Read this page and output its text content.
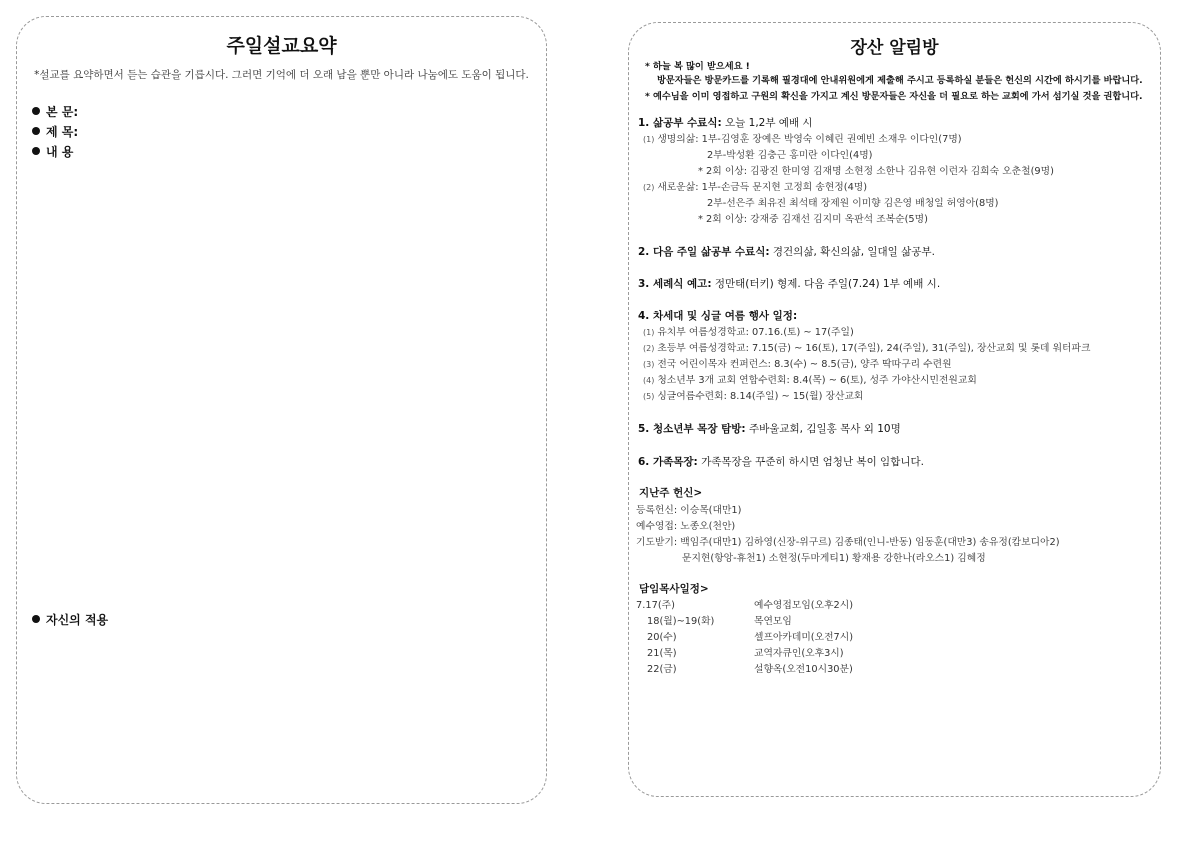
주일설교요약
*설교를 요약하면서 듣는 습관을 기릅시다. 그러면 기억에 더 오래 남을 뿐만 아니라 나눔에도 도움이 됩니다.
본 문:
제 목:
내 용
자신의 적용
장산 알림방
* 하늘 복 많이 받으세요 !
방문자들은 방문카드를 기록해 필경대에 안내위원에게 제출해 주시고 등록하실 분들은 헌신의 시간에 하시기를 바랍니다.
* 예수님을 이미 영접하고 구원의 확신을 가지고 계신 방문자들은 자신을 더 필요로 하는 교회에 가서 섬기실 것을 권합니다.
1. 삶공부 수료식: 오늘 1,2부 예배 시
(1) 생명의삶: 1부-김영훈 장예은 박영숙 이혜린 권예빈 소재우 이다인(7명)
2부-박성환 김충근 홍미란 이다인(4명)
* 2회 이상: 김광진 한미영 김재명 소현정 소한나 김유현 이런자 김희숙 오춘철(9명)
(2) 새로운삶: 1부-손금득 문지현 고정희 송현정(4명)
2부-선은주 최유진 최석태 장제원 이미향 김은영 배청일 허영아(8명)
* 2회 이상: 강재중 김재선 김지미 옥판석 조복순(5명)
2. 다음 주일 삶공부 수료식: 경건의삶, 확신의삶, 일대일 삶공부.
3. 세례식 예고: 정만태(터키) 형제. 다음 주일(7.24) 1부 예배 시.
4. 차세대 및 싱글 여름 행사 일정:
(1) 유치부 여름성경학교: 07.16.(토) ~ 17(주일)
(2) 초등부 여름성경학교: 7.15(금) ~ 16(토), 17(주일), 24(주일), 31(주일), 장산교회 및 롯데 워터파크
(3) 전국 어린이목자 컨퍼런스: 8.3(수) ~ 8.5(금), 양주 딱따구리 수련원
(4) 청소년부 3개 교회 연합수련회: 8.4(목) ~ 6(토), 성주 가야산시민전원교회
(5) 싱글여름수련회: 8.14(주일) ~ 15(월) 장산교회
5. 청소년부 목장 탐방: 주바울교회, 김일홍 목사 외 10명
6. 가족목장: 가족목장을 꾸준히 하시면 엄청난 복이 임합니다.
지난주 헌신>
등록헌신: 이승목(대만1)
예수영접: 노종오(천안)
기도받기: 백임주(대만1) 김하영(신장-위구르) 김종태(인니-반동) 임동훈(대만3) 송유정(캄보디아2)
문지현(항앙-휴천1) 소현정(두마게티1) 황재용 강한나(라오스1) 김혜정
담임목사일정>
7.17(주)	예수영접모임(오후2시)
18(월)~19(화)	목연모임
20(수)	셀프아카데미(오전7시)
21(목)	교역자큐인(오후3시)
22(금)	설향옥(오전10시30분)
